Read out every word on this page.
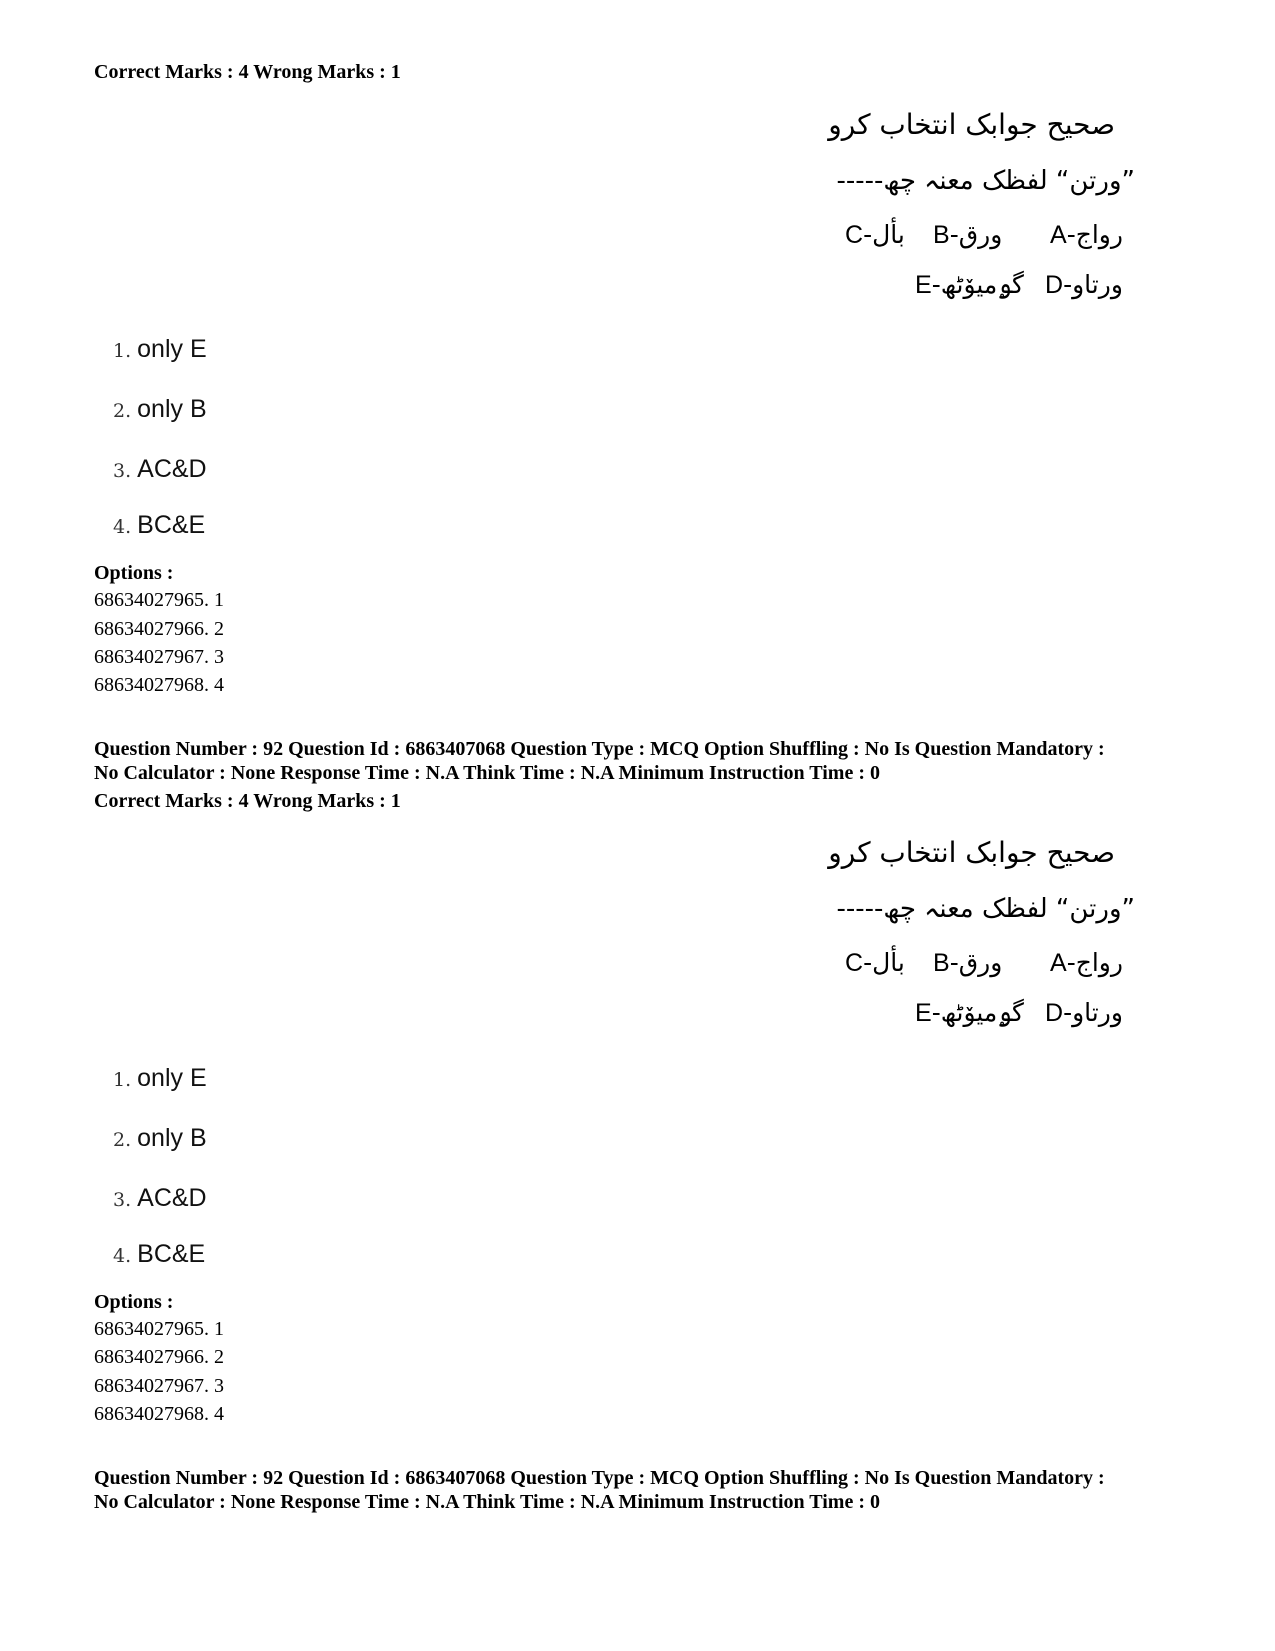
Correct Marks : 4 Wrong Marks : 1
صحیح جوابک انتخاب کرو
”ورتن“ لفظک معنہ چھ-----
C-بأل B-ورق A-رواج
E-گۄمیوٚٹھ D-ورتاو
1. only E
2. only B
3. AC&D
4. BC&E
Options :
68634027965. 1
68634027966. 2
68634027967. 3
68634027968. 4
Question Number : 92 Question Id : 6863407068 Question Type : MCQ Option Shuffling : No Is Question Mandatory :
No Calculator : None Response Time : N.A Think Time : N.A Minimum Instruction Time : 0
Correct Marks : 4 Wrong Marks : 1
صحیح جوابک انتخاب کرو
”ورتن“ لفظک معنہ چھ-----
C-بأل B-ورق A-رواج
E-گۄمیوٚٹھ D-ورتاو
1. only E
2. only B
3. AC&D
4. BC&E
Options :
68634027965. 1
68634027966. 2
68634027967. 3
68634027968. 4
Question Number : 92 Question Id : 6863407068 Question Type : MCQ Option Shuffling : No Is Question Mandatory :
No Calculator : None Response Time : N.A Think Time : N.A Minimum Instruction Time : 0
